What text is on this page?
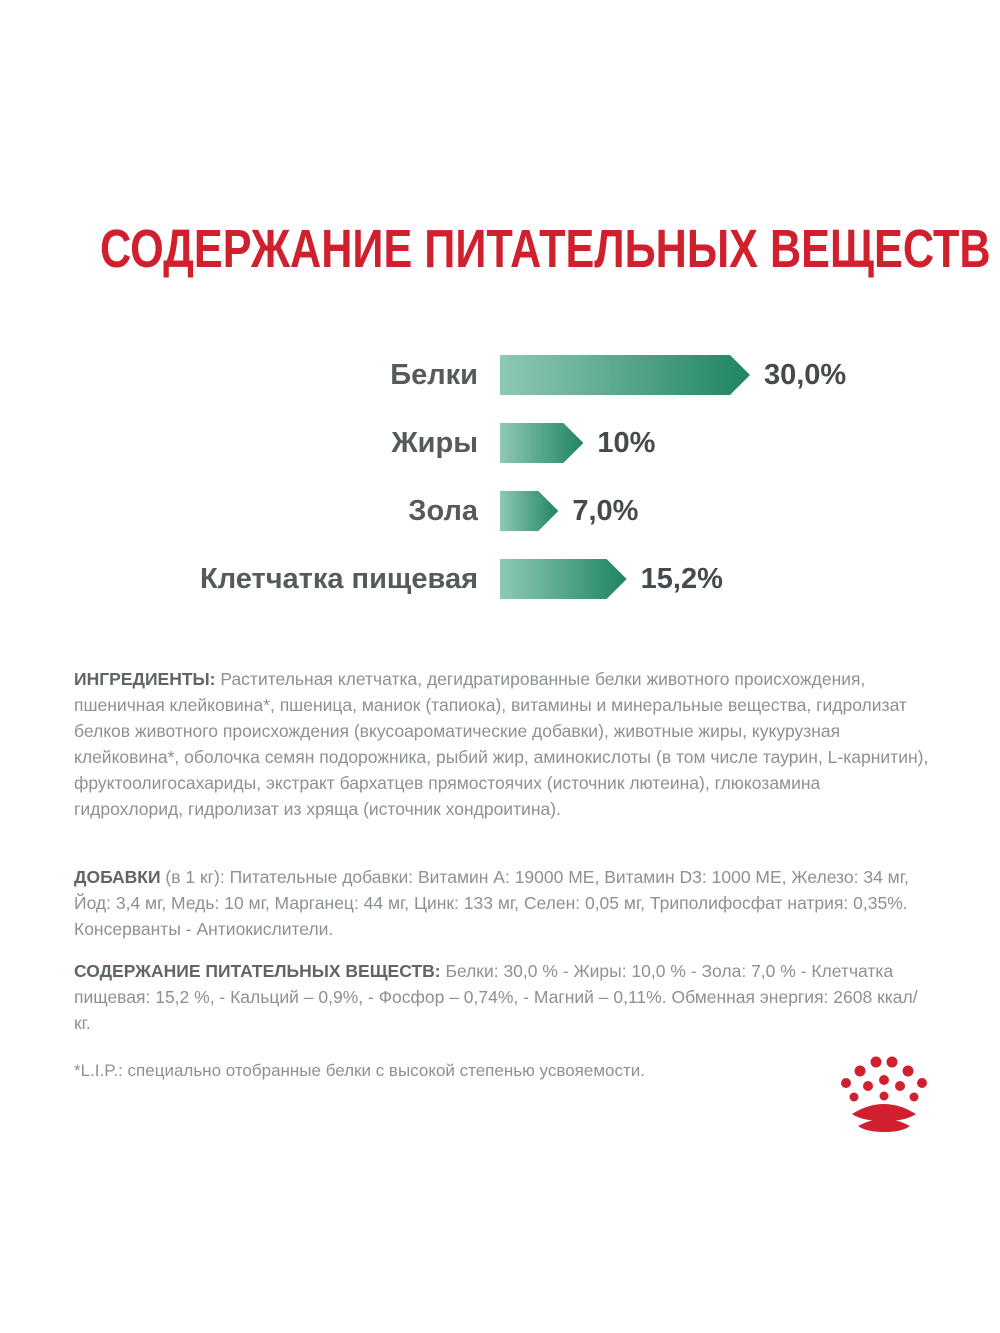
СОДЕРЖАНИЕ ПИТАТЕЛЬНЫХ ВЕЩЕСТВ
Белки	30,0%
Жиры	10%
Зола	7,0%
Клетчатка пищевая	15,2%
ИНГРЕДИЕНТЫ: Растительная клетчатка, дегидратированные белки животного происхождения, пшеничная клейковина*, пшеница, маниок (тапиока), витамины и минеральные вещества, гидролизат белков животного происхождения (вкусоароматические добавки), животные жиры, кукурузная клейковина*, оболочка семян подорожника, рыбий жир, аминокислоты (в том числе таурин, L-карнитин), фруктоолигосахариды, экстракт бархатцев прямостоячих (источник лютеина), глюкозамина гидрохлорид, гидролизат из хряща (источник хондроитина).
ДОБАВКИ (в 1 кг): Питательные добавки: Витамин А: 19000 МЕ, Витамин D3: 1000 МЕ, Железо: 34 мг, Йод: 3,4 мг, Медь: 10 мг, Марганец: 44 мг, Цинк: 133 мг, Селен: 0,05 мг, Триполифосфат натрия: 0,35%. Консерванты - Антиокислители.
СОДЕРЖАНИЕ ПИТАТЕЛЬНЫХ ВЕЩЕСТВ: Белки: 30,0 % - Жиры: 10,0 % - Зола: 7,0 % - Клетчатка пищевая: 15,2 %, - Кальций – 0,9%, - Фосфор – 0,74%, - Магний – 0,11%. Обменная энергия: 2608 ккал/кг.
*L.I.P.: специально отобранные белки с высокой степенью усвояемости.
